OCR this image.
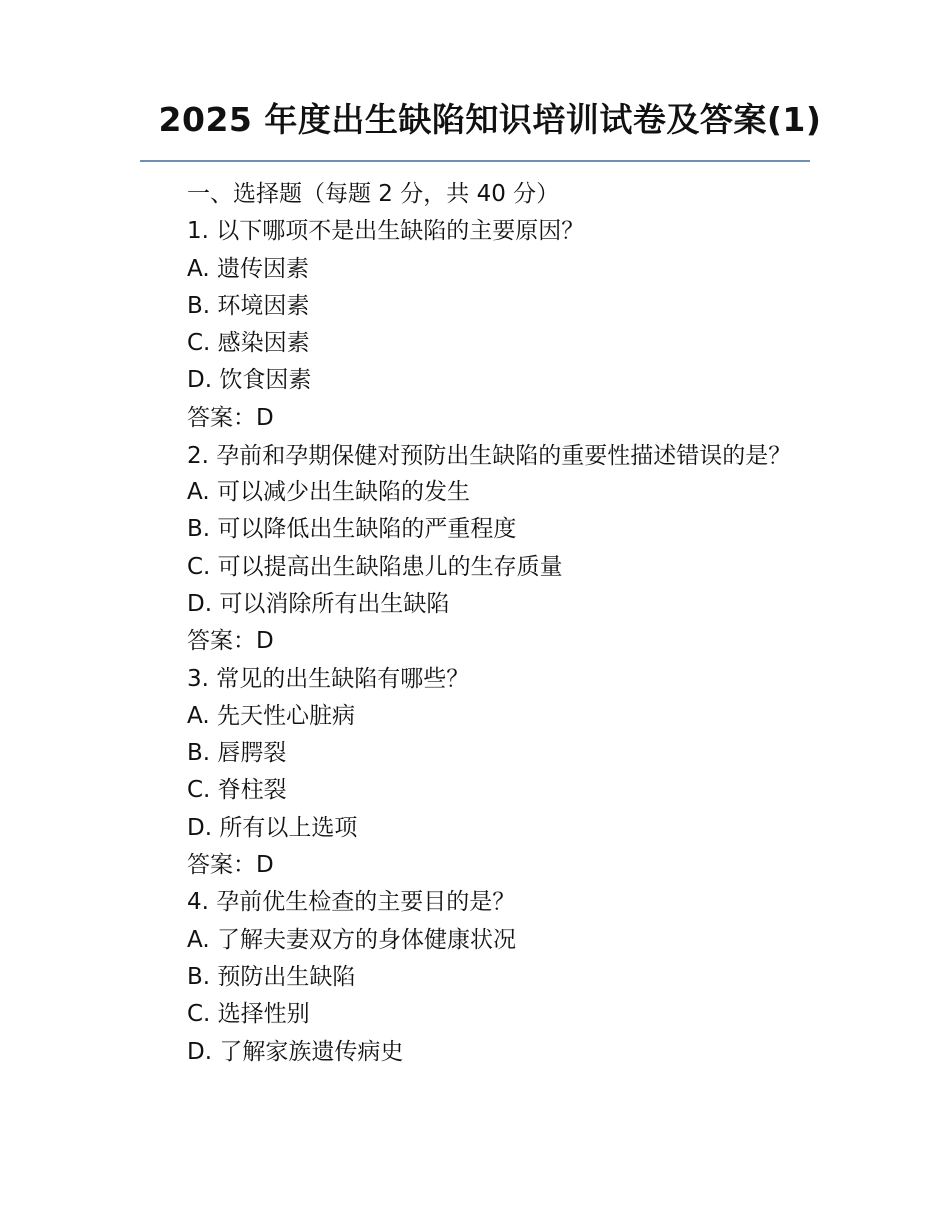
2025 年度出生缺陷知识培训试卷及答案(1)

一、选择题（每题 2 分，共 40 分）

1. 以下哪项不是出生缺陷的主要原因？

A. 遗传因素

B. 环境因素

C. 感染因素

D. 饮食因素

答案：D

2. 孕前和孕期保健对预防出生缺陷的重要性描述错误的是？

A. 可以减少出生缺陷的发生

B. 可以降低出生缺陷的严重程度

C. 可以提高出生缺陷患儿的生存质量

D. 可以消除所有出生缺陷

答案：D

3. 常见的出生缺陷有哪些？

A. 先天性心脏病

B. 唇腭裂

C. 脊柱裂

D. 所有以上选项

答案：D

4. 孕前优生检查的主要目的是？

A. 了解夫妻双方的身体健康状况

B. 预防出生缺陷

C. 选择性别

D. 了解家族遗传病史
